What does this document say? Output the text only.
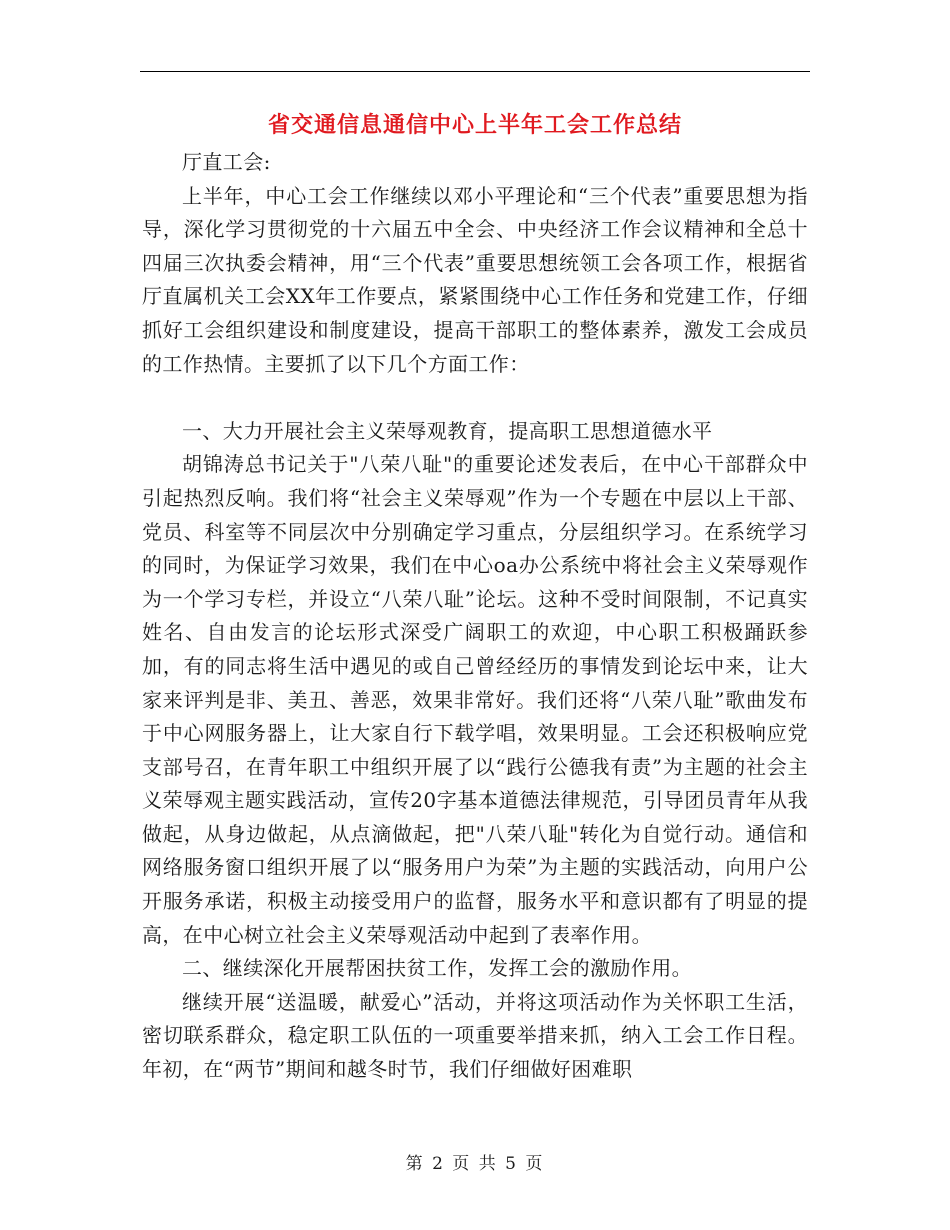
省交通信息通信中心上半年工会工作总结

厅直工会:

上半年，中心工会工作继续以邓小平理论和“三个代表”重要思想为指导，深化学习贯彻党的十六届五中全会、中央经济工作会议精神和全总十四届三次执委会精神，用“三个代表”重要思想统领工会各项工作，根据省厅直属机关工会XX年工作要点，紧紧围绕中心工作任务和党建工作，仔细抓好工会组织建设和制度建设，提高干部职工的整体素养，激发工会成员的工作热情。主要抓了以下几个方面工作：

一、大力开展社会主义荣辱观教育，提高职工思想道德水平

胡锦涛总书记关于"八荣八耻"的重要论述发表后，在中心干部群众中引起热烈反响。我们将“社会主义荣辱观”作为一个专题在中层以上干部、党员、科室等不同层次中分别确定学习重点，分层组织学习。在系统学习的同时，为保证学习效果，我们在中心oa办公系统中将社会主义荣辱观作为一个学习专栏，并设立“八荣八耻”论坛。这种不受时间限制，不记真实姓名、自由发言的论坛形式深受广阔职工的欢迎，中心职工积极踊跃参加，有的同志将生活中遇见的或自己曾经经历的事情发到论坛中来，让大家来评判是非、美丑、善恶，效果非常好。我们还将“八荣八耻”歌曲发布于中心网服务器上，让大家自行下载学唱，效果明显。工会还积极响应党支部号召，在青年职工中组织开展了以“践行公德我有责”为主题的社会主义荣辱观主题实践活动，宣传20字基本道德法律规范，引导团员青年从我做起，从身边做起，从点滴做起，把"八荣八耻"转化为自觉行动。通信和网络服务窗口组织开展了以“服务用户为荣”为主题的实践活动，向用户公开服务承诺，积极主动接受用户的监督，服务水平和意识都有了明显的提高，在中心树立社会主义荣辱观活动中起到了表率作用。

二、继续深化开展帮困扶贫工作，发挥工会的激励作用。

继续开展“送温暖，献爱心”活动，并将这项活动作为关怀职工生活，密切联系群众，稳定职工队伍的一项重要举措来抓，纳入工会工作日程。年初，在“两节”期间和越冬时节，我们仔细做好困难职

第 2 页 共 5 页
